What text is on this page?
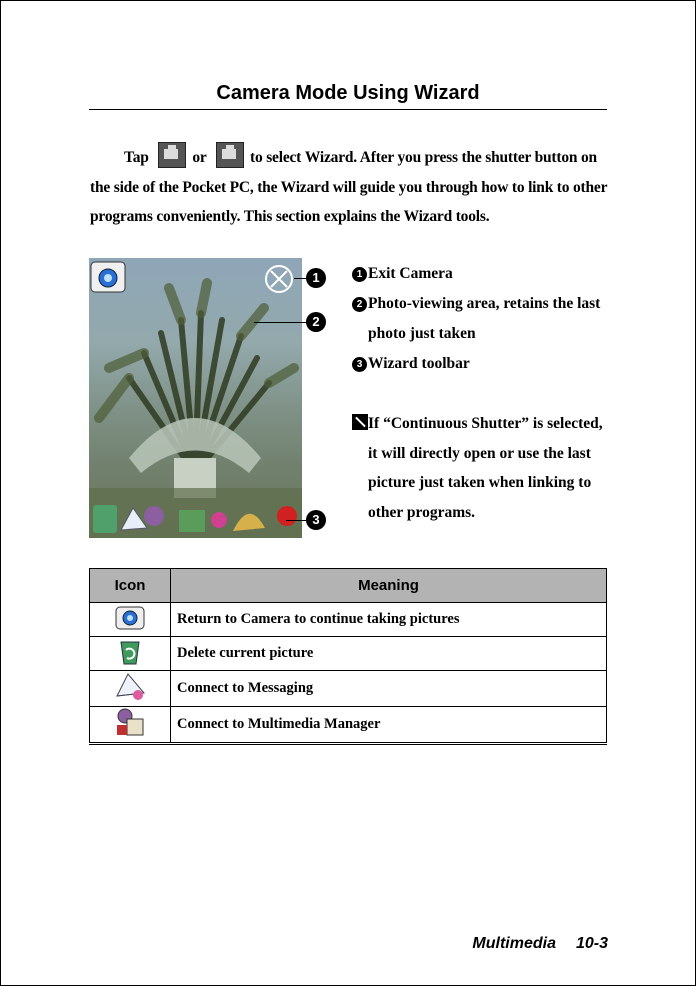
Camera Mode Using Wizard
Tap	or	to select Wizard. After you press the shutter button on the side of the Pocket PC, the Wizard will guide you through how to link to other programs conveniently. This section explains the Wizard tools.
1
2
3
1 Exit Camera
2 Photo-viewing area, retains the last photo just taken
3 Wizard toolbar
If “Continuous Shutter” is selected, it will directly open or use the last picture just taken when linking to other programs.
Icon	Meaning
	Return to Camera to continue taking pictures
	Delete current picture
	Connect to Messaging
	Connect to Multimedia Manager
Multimedia 10-3
